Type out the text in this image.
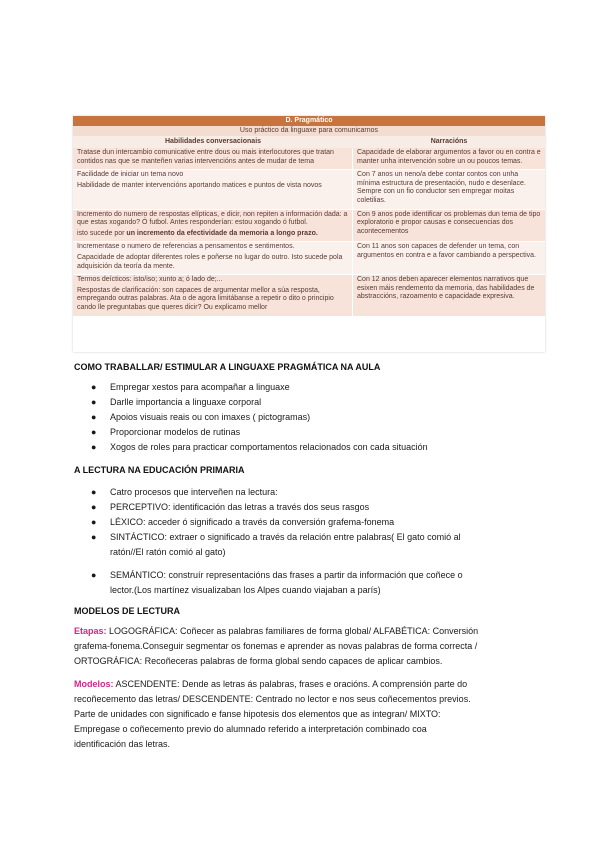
D. Pragmático
Uso práctico da linguaxe para comunicarnos
Habilidades conversacionais	Narracións

Tratase dun intercambio comunicative entre dous ou mais interlocutores que tratan contidos nas que se manteñen varias intervencións antes de mudar de tema

Capacidade de elaborar argumentos a favor ou en contra e manter unha intervención sobre un ou poucos temas.

Facilidade de iniciar un tema novo

Habilidade de manter intervencións aportando matices e puntos de vista novos

Con 7 anos un neno/a debe contar contos con unha mínima estructura de presentación, nudo e desenlace. Sempre con un fio conductor sen empregar moitas coletilias.

Incremento do numero de respostas elípticas, e dicir, non repiten a información dada: a que estas xogando? Ó futbol. Antes responderían: estou xogando ó futbol.

isto sucede por un incremento da efectividade da memoria a longo prazo.

Con 9 anos pode identificar os problemas dun tema de tipo exploratorio e propor causas e consecuencias dos acontecementos

Incrementase o numero de referencias a pensamentos e sentimentos.

Capacidade de adoptar diferentes roles e poñerse no lugar do outro. Isto sucede pola adquisición da teoría da mente.

Con 11 anos son capaces de defender un tema, con argumentos en contra e a favor cambiando a perspectiva.

Termos deícticos: isto/iso; xunto a; ó lado de;...

Respostas de clarificación: son capaces de argumentar mellor a súa resposta, empregando outras palabras. Ata o de agora limitábanse a repetir o dito o principio cando lle preguntabas que queres dicir? Ou explicamo mellor

Con 12 anos deben aparecer elementos narrativos que esixen máis rendemento da memoria, das habilidades de abstraccións, razoamento e capacidade expresiva.

COMO TRABALLAR/ ESTIMULAR A LINGUAXE PRAGMÁTICA NA AULA
● Empregar xestos para acompañar a linguaxe
● Darlle importancia a linguaxe corporal
● Apoios visuais reais ou con imaxes ( pictogramas)
● Proporcionar modelos de rutinas
● Xogos de roles para practicar comportamentos relacionados con cada situación
A LECTURA NA EDUCACIÓN PRIMARIA
● Catro procesos que interveñen na lectura:
● PERCEPTIVO: identificación das letras a través dos seus rasgos
● LÉXICO: acceder ó significado a través da conversión grafema-fonema
● SINTÁCTICO: extraer o significado a través da relación entre palabras( El gato comió al
ratón//El ratón comió al gato)
● SEMÁNTICO: construír representacións das frases a partir da información que coñece o
lector.(Los martínez visualizaban los Alpes cuando viajaban a parís)
MODELOS DE LECTURA

Etapas: LOGOGRÁFICA: Coñecer as palabras familiares de forma global/ ALFABÉTICA: Conversión
grafema-fonema.Conseguir segmentar os fonemas e aprender as novas palabras de forma correcta /
ORTOGRÁFICA: Recoñeceras palabras de forma global sendo capaces de aplicar cambios.

Modelos: ASCENDENTE: Dende as letras ás palabras, frases e oracións. A comprensión parte do
recoñecemento das letras/ DESCENDENTE: Centrado no lector e nos seus coñecementos previos.
Parte de unidades con significado e fanse hipotesis dos elementos que as integran/ MIXTO:
Empregase o coñecemento previo do alumnado referido a interpretación combinado coa
identificación das letras.
